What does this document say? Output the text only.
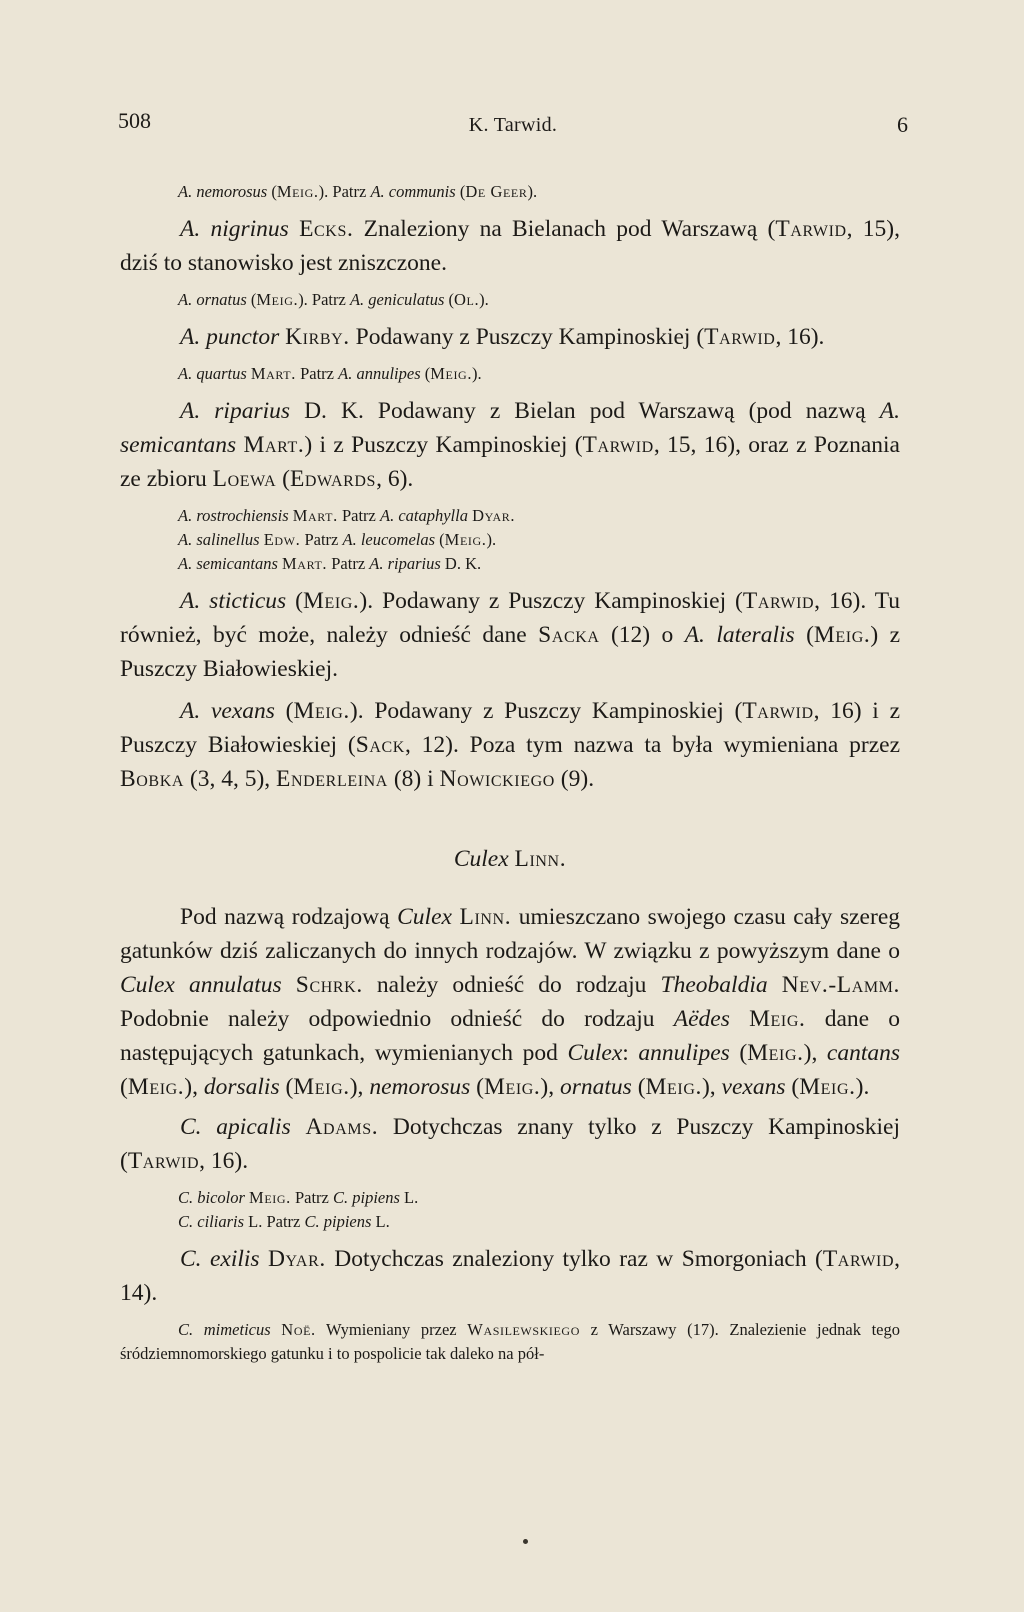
508	K. Tarwid.	6

A. nemorosus (Meig.). Patrz A. communis (De Geer).

A. nigrinus Ecks. Znaleziony na Bielanach pod Warszawą (Tarwid, 15), dziś to stanowisko jest zniszczone.

A. ornatus (Meig.). Patrz A. geniculatus (Ol.).

A. punctor Kirby. Podawany z Puszczy Kampinoskiej (Tarwid, 16).

A. quartus Mart. Patrz A. annulipes (Meig.).

A. riparius D. K. Podawany z Bielan pod Warszawą (pod nazwą A. semicantans Mart.) i z Puszczy Kampinoskiej (Tarwid, 15, 16), oraz z Poznania ze zbioru Loewa (Edwards, 6).

A. rostrochiensis Mart. Patrz A. cataphylla Dyar.

A. salinellus Edw. Patrz A. leucomelas (Meig.).

A. semicantans Mart. Patrz A. riparius D. K.

A. sticticus (Meig.). Podawany z Puszczy Kampinoskiej (Tarwid, 16). Tu również, być może, należy odnieść dane Sacka (12) o A. lateralis (Meig.) z Puszczy Białowieskiej.

A. vexans (Meig.). Podawany z Puszczy Kampinoskiej (Tarwid, 16) i z Puszczy Białowieskiej (Sack, 12). Poza tym nazwa ta była wymieniana przez Bobka (3, 4, 5), Enderleina (8) i Nowickiego (9).

Culex Linn.

Pod nazwą rodzajową Culex Linn. umieszczano swojego czasu cały szereg gatunków dziś zaliczanych do innych rodzajów. W związku z powyższym dane o Culex annulatus Schrk. należy odnieść do rodzaju Theobaldia Nev.-Lamm. Podobnie należy odpowiednio odnieść do rodzaju Aëdes Meig. dane o następujących gatunkach, wymienianych pod Culex: annulipes (Meig.), cantans (Meig.), dorsalis (Meig.), nemorosus (Meig.), ornatus (Meig.), vexans (Meig.).

C. apicalis Adams. Dotychczas znany tylko z Puszczy Kampinoskiej (Tarwid, 16).

C. bicolor Meig. Patrz C. pipiens L.

C. ciliaris L. Patrz C. pipiens L.

C. exilis Dyar. Dotychczas znaleziony tylko raz w Smorgoniach (Tarwid, 14).

C. mimeticus Noë. Wymieniany przez Wasilewskiego z Warszawy (17). Znalezienie jednak tego śródziemnomorskiego gatunku i to pospolicie tak daleko na pół-
